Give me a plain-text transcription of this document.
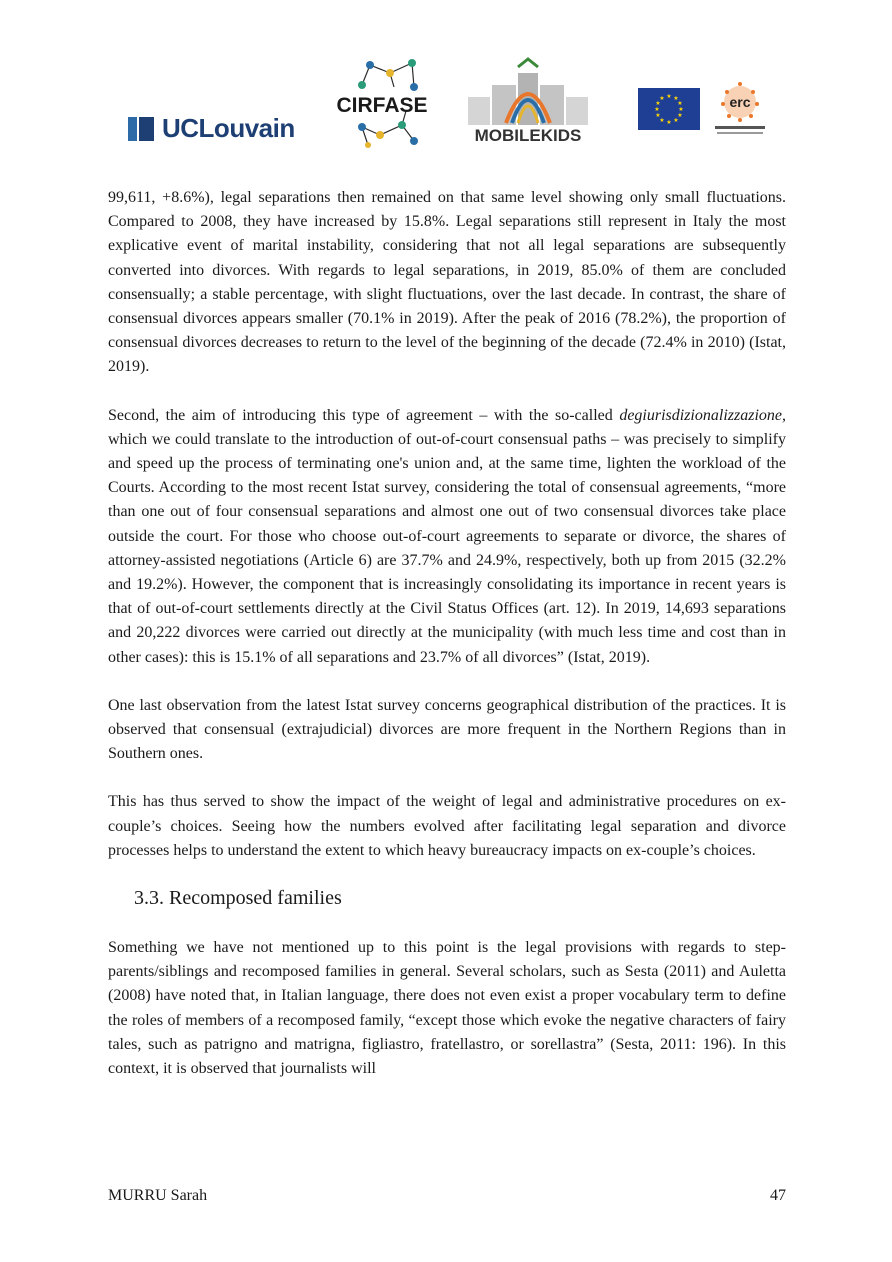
UCLouvain
CIRFASE
MOBILEKIDS
★ ★
★
★
★
★
★
★
★
★
★
★	erc

99,611, +8.6%), legal separations then remained on that same level showing only small fluctuations. Compared to 2008, they have increased by 15.8%. Legal separations still represent in Italy the most explicative event of marital instability, considering that not all legal separations are subsequently converted into divorces. With regards to legal separations, in 2019, 85.0% of them are concluded consensually; a stable percentage, with slight fluctuations, over the last decade. In contrast, the share of consensual divorces appears smaller (70.1% in 2019). After the peak of 2016 (78.2%), the proportion of consensual divorces decreases to return to the level of the beginning of the decade (72.4% in 2010) (Istat, 2019).

Second, the aim of introducing this type of agreement – with the so-called degiurisdizionalizzazione, which we could translate to the introduction of out-of-court consensual paths – was precisely to simplify and speed up the process of terminating one's union and, at the same time, lighten the workload of the Courts. According to the most recent Istat survey, considering the total of consensual agreements, “more than one out of four consensual separations and almost one out of two consensual divorces take place outside the court. For those who choose out-of-court agreements to separate or divorce, the shares of attorney-assisted negotiations (Article 6) are 37.7% and 24.9%, respectively, both up from 2015 (32.2% and 19.2%). However, the component that is increasingly consolidating its importance in recent years is that of out-of-court settlements directly at the Civil Status Offices (art. 12). In 2019, 14,693 separations and 20,222 divorces were carried out directly at the municipality (with much less time and cost than in other cases): this is 15.1% of all separations and 23.7% of all divorces” (Istat, 2019).

One last observation from the latest Istat survey concerns geographical distribution of the practices. It is observed that consensual (extrajudicial) divorces are more frequent in the Northern Regions than in Southern ones.

This has thus served to show the impact of the weight of legal and administrative procedures on ex-couple’s choices. Seeing how the numbers evolved after facilitating legal separation and divorce processes helps to understand the extent to which heavy bureaucracy impacts on ex-couple’s choices.

3.3. Recomposed families

Something we have not mentioned up to this point is the legal provisions with regards to step-parents/siblings and recomposed families in general. Several scholars, such as Sesta (2011) and Auletta (2008) have noted that, in Italian language, there does not even exist a proper vocabulary term to define the roles of members of a recomposed family, “except those which evoke the negative characters of fairy tales, such as patrigno and matrigna, figliastro, fratellastro, or sorellastra” (Sesta, 2011: 196). In this context, it is observed that journalists will

MURRU Sarah	47
